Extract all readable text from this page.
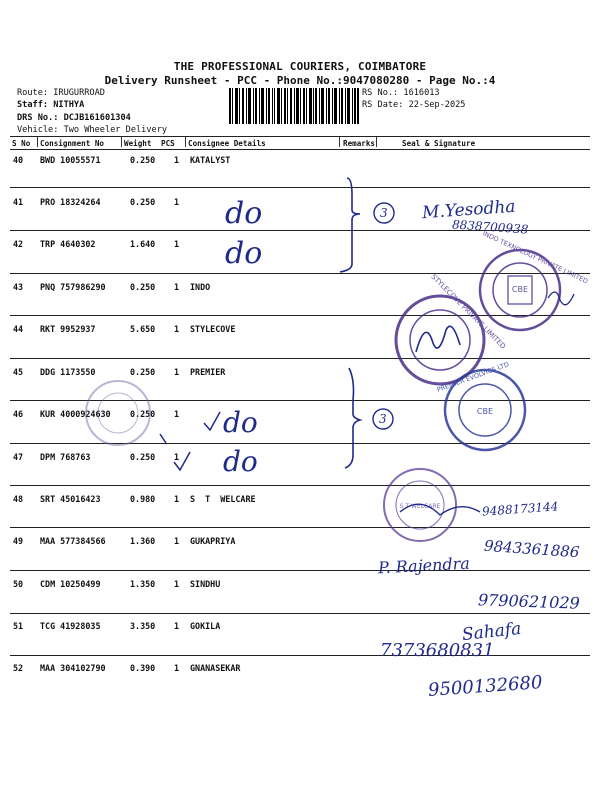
THE PROFESSIONAL COURIERS, COIMBATORE
Delivery Runsheet - PCC - Phone No.:9047080280 - Page No.:4
Route: IRUGURROAD
Staff: NITHYA
DRS No.: DCJB161601304
Vehicle: Two Wheeler Delivery
RS No.: 1616013
RS Date: 22-Sep-2025
S No Consignment No	Weight PCS Consignee Details	Remarks	Seal & Signature
40 BWD 10055571	0.250 1 KATALYST
41 PRO 18324264	0.250 1
42 TRP 4640302	1.640 1
43 PNQ 757986290	0.250 1 INDO
44 RKT 9952937	5.650 1 STYLECOVE
45 DDG 1173550	0.250 1 PREMIER
46 KUR 4000924630 0.250 1
47 DPM 768763	0.250 1
48 SRT 45016423	0.980 1 S  T  WELCARE
49 MAA 577384566	1.360 1 GUKAPRIYA
50 CDM 10250499	1.350 1 SINDHU
51 TCG 41928035	3.350 1 GOKILA
52 MAA 304102790	0.390 1 GNANASEKAR
CBE
INDO TEXNOLOGY PRIVATE LIMITED
STYLECOVE PRIVATE LIMITED
CBE
PREMIER EVOLVICS LTD
S T WELCARE
do
do
do
do
3
3
M.Yesodha
8838700938
9488173144
9843361886
P. Rajendra
9790621029
Sahafa
7373680831
9500132680
